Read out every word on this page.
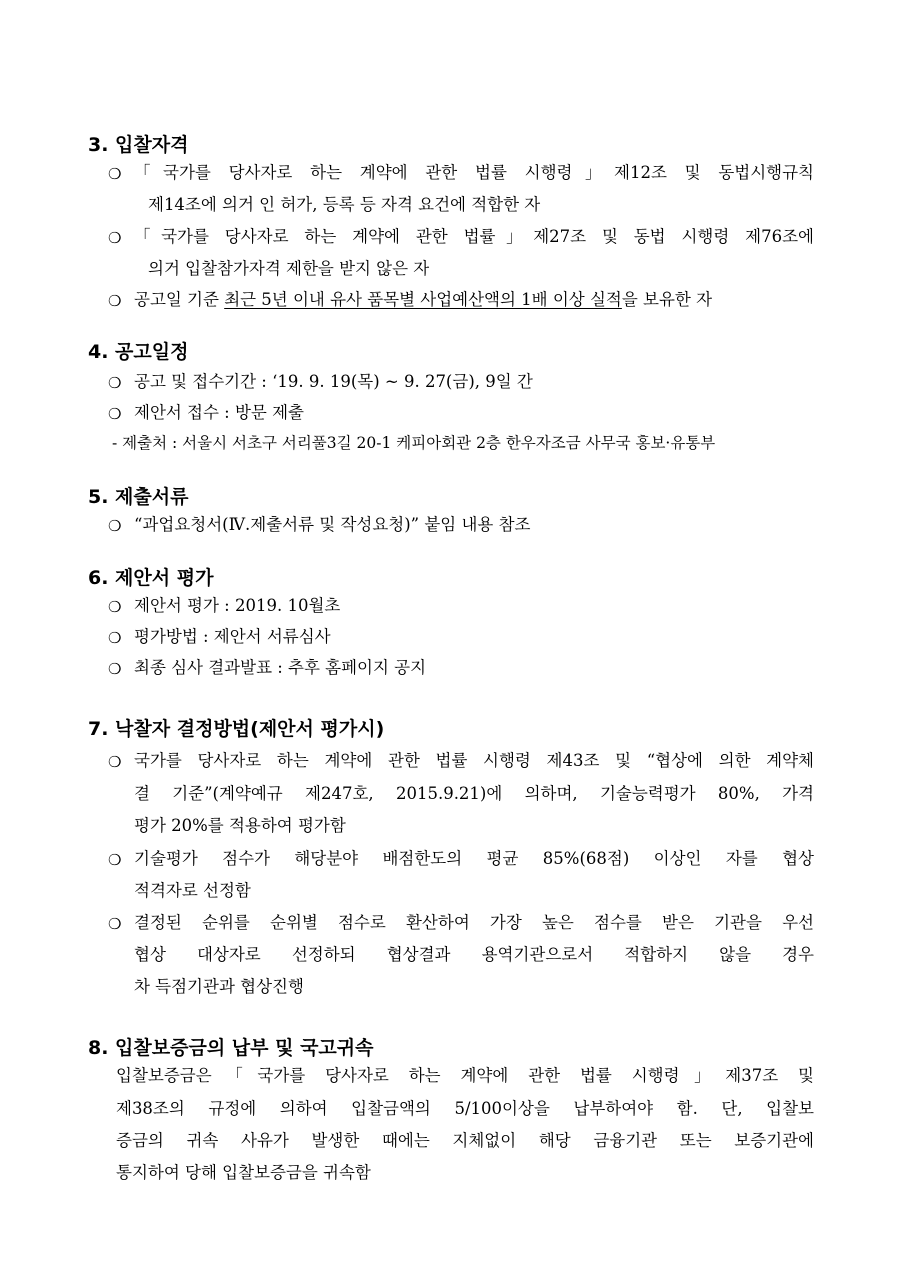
3. 입찰자격
❍ 「국가를 당사자로 하는 계약에 관한 법률 시행령」제12조 및 동법시행규칙
제14조에 의거 인 허가, 등록 등 자격 요건에 적합한 자
❍ 「국가를 당사자로 하는 계약에 관한 법률」제27조 및 동법 시행령 제76조에
의거 입찰참가자격 제한을 받지 않은 자
❍ 공고일 기준 최근 5년 이내 유사 품목별 사업예산액의 1배 이상 실적을 보유한 자
4. 공고일정
❍ 공고 및 접수기간 : ‘19. 9. 19(목) ~ 9. 27(금), 9일 간
❍ 제안서 접수 : 방문 제출
- 제출처 : 서울시 서초구 서리풀3길 20-1 케피아회관 2층 한우자조금 사무국 홍보·유통부
5. 제출서류
❍ “과업요청서(Ⅳ.제출서류 및 작성요청)” 붙임 내용 참조
6. 제안서 평가
❍ 제안서 평가 : 2019. 10월초
❍ 평가방법 : 제안서 서류심사
❍ 최종 심사 결과발표 : 추후 홈페이지 공지
7. 낙찰자 결정방법(제안서 평가시)
❍ 국가를 당사자로 하는 계약에 관한 법률 시행령 제43조 및 “협상에 의한 계약체
결 기준”(계약예규 제247호, 2015.9.21)에 의하며, 기술능력평가 80%, 가격
평가 20%를 적용하여 평가함
❍ 기술평가 점수가 해당분야 배점한도의 평균 85%(68점) 이상인 자를 협상
적격자로 선정함
❍ 결정된 순위를 순위별 점수로 환산하여 가장 높은 점수를 받은 기관을 우선
협상 대상자로 선정하되 협상결과 용역기관으로서 적합하지 않을 경우
차 득점기관과 협상진행
8. 입찰보증금의 납부 및 국고귀속
입찰보증금은「국가를 당사자로 하는 계약에 관한 법률 시행령」제37조 및
제38조의 규정에 의하여 입찰금액의 5/100이상을 납부하여야 함. 단, 입찰보
증금의 귀속 사유가 발생한 때에는 지체없이 해당 금융기관 또는 보증기관에
통지하여 당해 입찰보증금을 귀속함
